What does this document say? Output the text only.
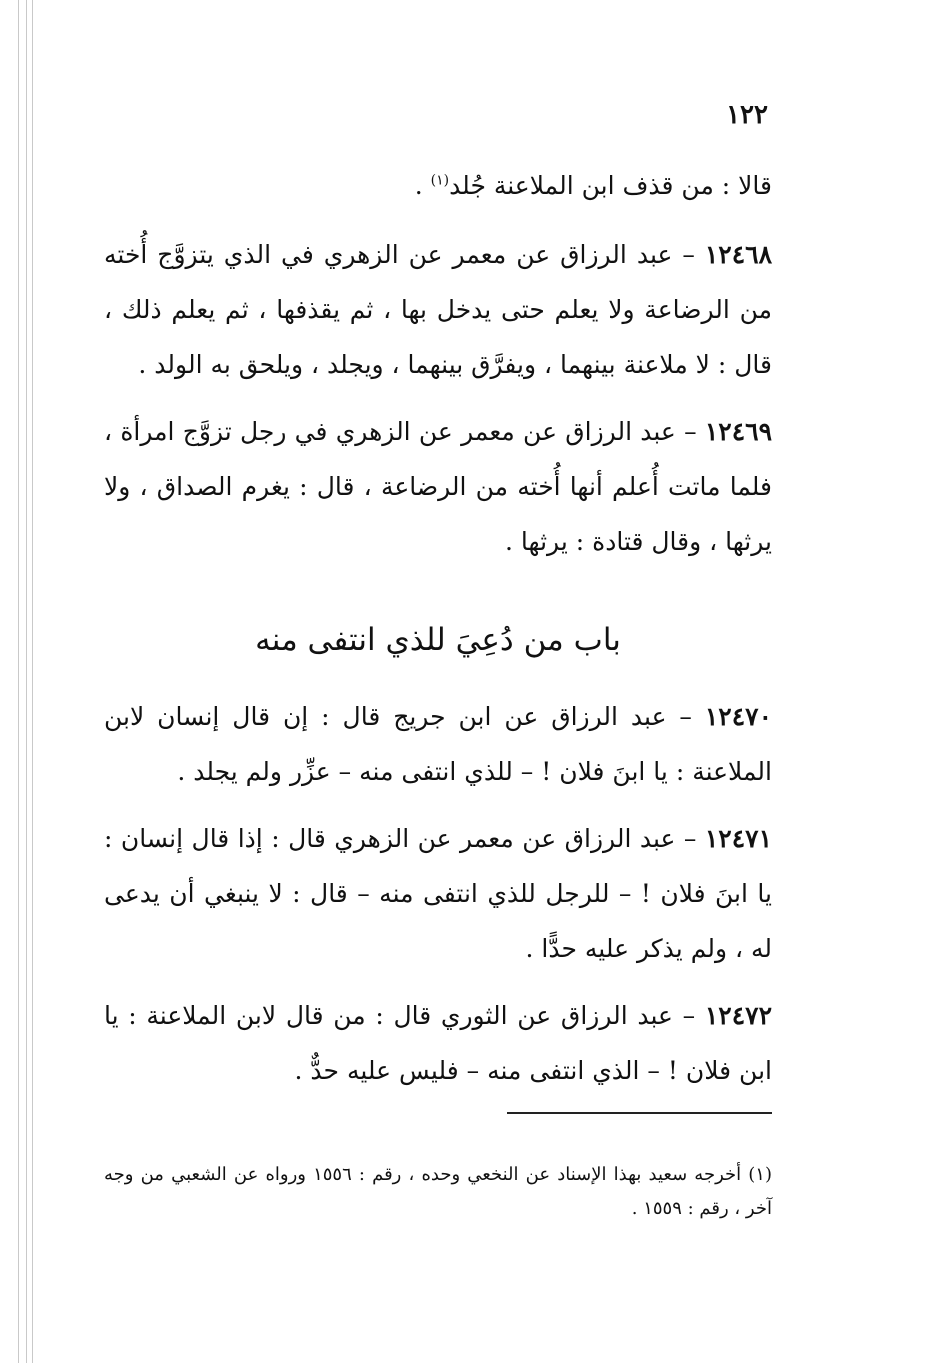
١٢٢

قالا : من قذف ابن الملاعنة جُلد$^{(١)}$ .

١٢٤٦٨ – عبد الرزاق عن معمر عن الزهري في الذي يتزوَّج أُخته من الرضاعة ولا يعلم حتى يدخل بها ، ثم يقذفها ، ثم يعلم ذلك ، قال : لا ملاعنة بينهما ، ويفرَّق بينهما ، ويجلد ، ويلحق به الولد .

١٢٤٦٩ – عبد الرزاق عن معمر عن الزهري في رجل تزوَّج امرأة ، فلما ماتت أُعلم أنها أُخته من الرضاعة ، قال : يغرم الصداق ، ولا يرثها ، وقال قتادة : يرثها .

باب من دُعِيَ للذي انتفى منه

١٢٤٧٠ – عبد الرزاق عن ابن جريج قال : إن قال إنسان لابن الملاعنة : يا ابنَ فلان ! – للذي انتفى منه – عزِّر ولم يجلد .

١٢٤٧١ – عبد الرزاق عن معمر عن الزهري قال : إذا قال إنسان : يا ابنَ فلان ! – للرجل للذي انتفى منه – قال : لا ينبغي أن يدعى له ، ولم يذكر عليه حدًّا .

١٢٤٧٢ – عبد الرزاق عن الثوري قال : من قال لابن الملاعنة : يا ابن فلان ! – الذي انتفى منه – فليس عليه حدٌّ .

(١) أخرجه سعيد بهذا الإسناد عن النخعي وحده ، رقم : ١٥٥٦ ورواه عن الشعبي من وجه آخر ، رقم : ١٥٥٩ .
